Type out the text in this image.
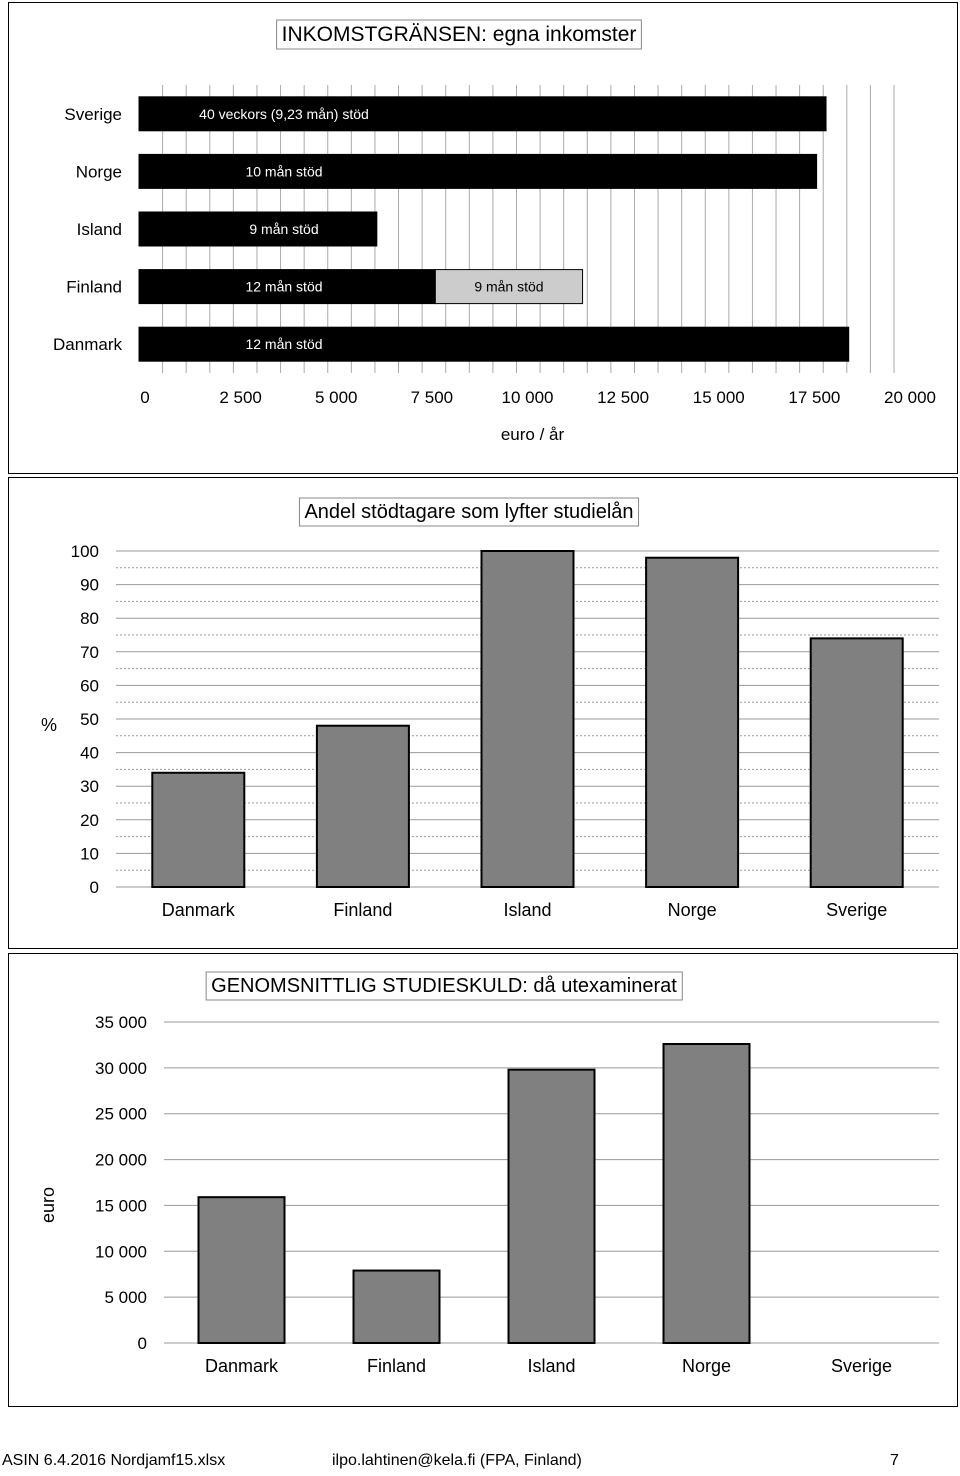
40 veckors (9,23 mån) stöd
Sverige
10 mån stöd
Norge
9 mån stöd
Island
12 mån stöd	9 mån stöd
Finland
12 mån stöd
Danmark
0	2 500	5 000	7 500	10 000	12 500	15 000	17 500	20 000
euro / år
INKOMSTGRÄNSEN: egna inkomster
Danmark	Finland	Island	Norge	Sverige
0
10
20
30
40
50
60
70
80
90
100
%
Andel stödtagare som lyfter studielån
Danmark	Finland	Island	Norge	Sverige
0
5 000
10 000
15 000
20 000
25 000
30 000
35 000
euro
GENOMSNITTLIG STUDIESKULD: då utexaminerat
ASIN 6.4.2016 Nordjamf15.xlsx	ilpo.lahtinen@kela.fi (FPA, Finland)	7
